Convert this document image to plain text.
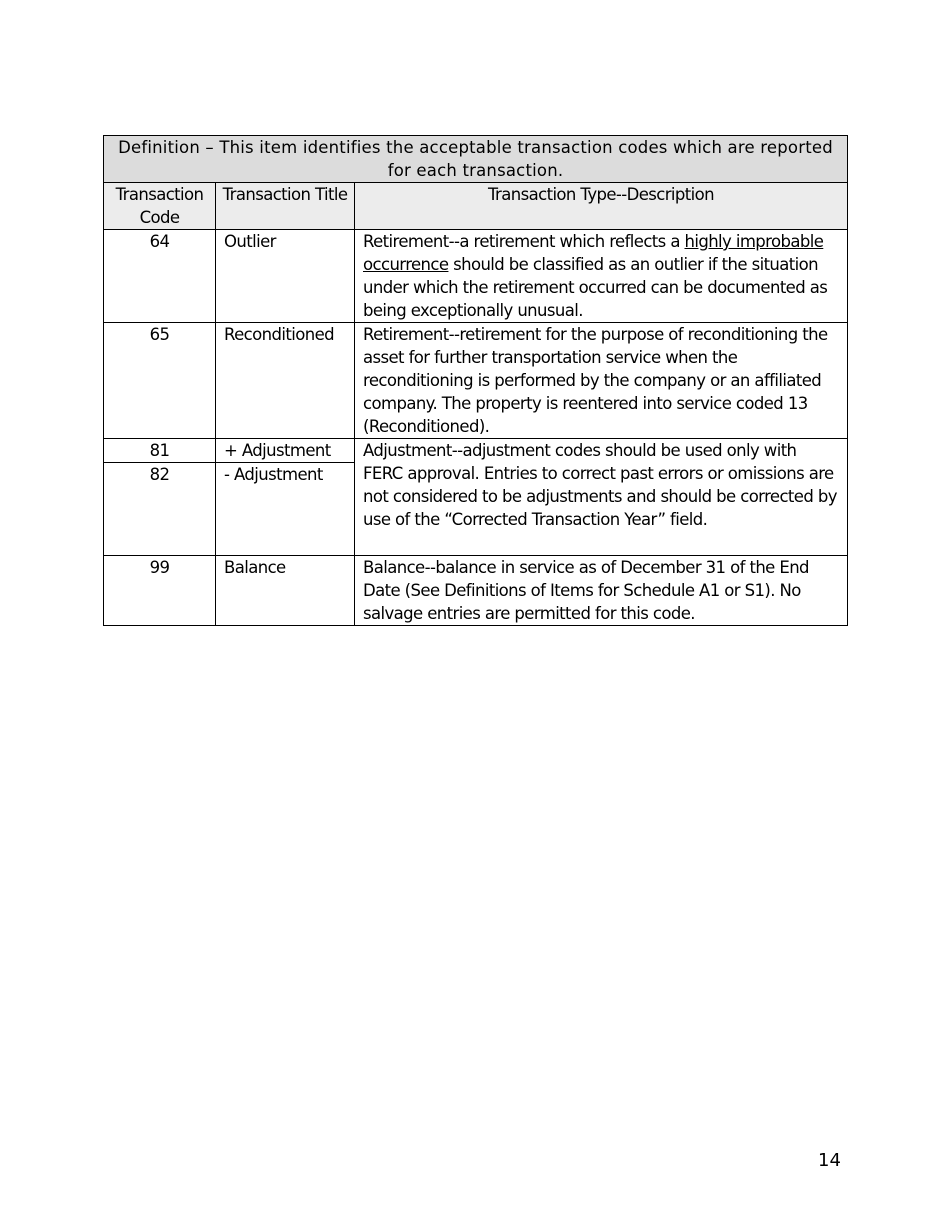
Definition – This item identifies the acceptable transaction codes which are reported for each transaction.		
Transaction Code	Transaction Title	Transaction Type--Description
64	Outlier	Retirement--a retirement which reflects a highly improbable occurrence should be classified as an outlier if the situation under which the retirement occurred can be documented as being exceptionally unusual.
65	Reconditioned	Retirement--retirement for the purpose of reconditioning the asset for further transportation service when the reconditioning is performed by the company or an affiliated company. The property is reentered into service coded 13 (Reconditioned).
81	+ Adjustment	Adjustment--adjustment codes should be used only with FERC approval. Entries to correct past errors or omissions are not considered to be adjustments and should be corrected by use of the “Corrected Transaction Year” field.
82	- Adjustment	
99	Balance	Balance--balance in service as of December 31 of the End Date (See Definitions of Items for Schedule A1 or S1). No salvage entries are permitted for this code.
14
